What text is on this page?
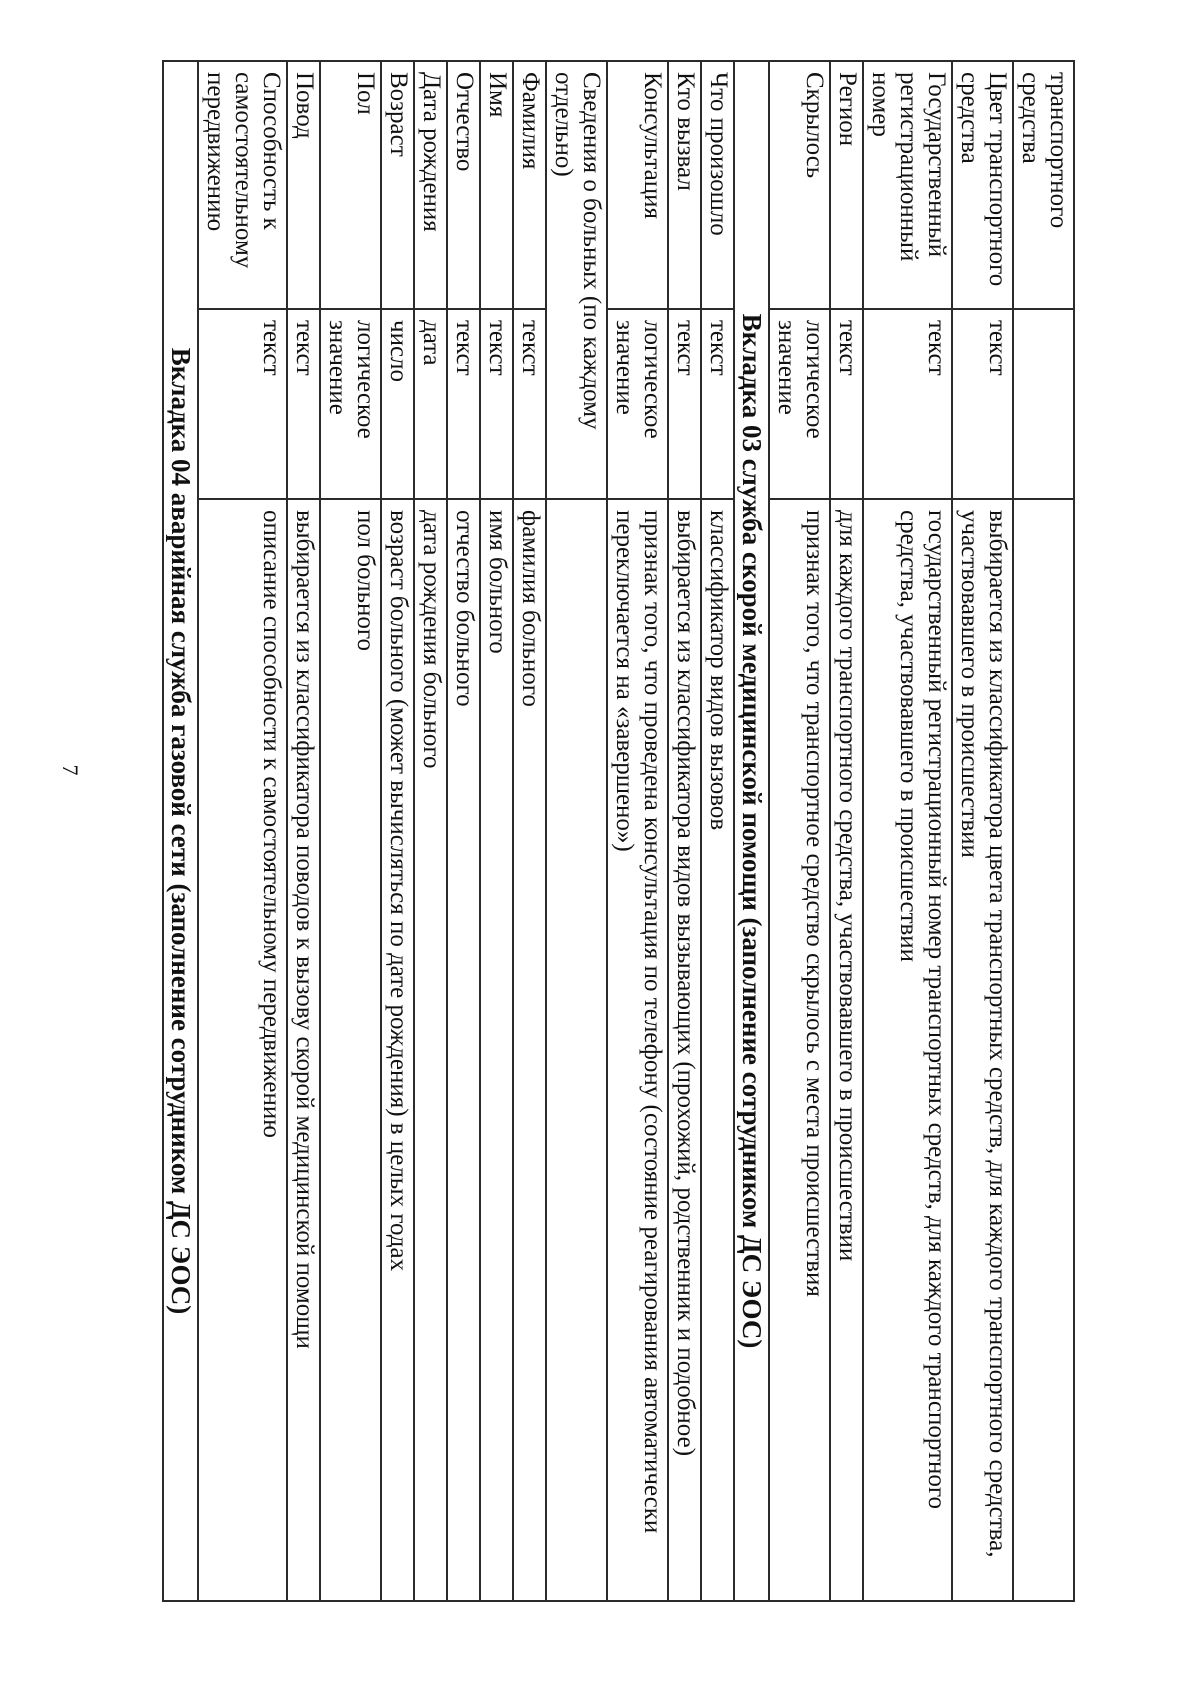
7
транспортного средства		
Цвет транспортного средства	текст	выбирается из классификатора цвета транспортных средств, для каждого транспортного средства, участвовавшего в происшествии
Государственный регистрационный номер	текст	государственный регистрационный номер транспортных средств, для каждого транспортного средства, участвовавшего в происшествии
Регион	текст	для каждого транспортного средства, участвовавшего в происшествии
Скрылось	логическое значение	признак того, что транспортное средство скрылось с места происшествия
Вкладка 03 служба скорой медицинской помощи (заполнение сотрудником ДС ЭОС)		
Что произошло	текст	классификатор видов вызовов
Кто вызвал	текст	выбирается из классификатора видов вызывающих (прохожий, родственник и подобное)
Консультация	логическое значение	признак того, что проведена консультация по телефону (состояние реагирования автоматически переключается на «завершено»)
Сведения о больных (по каждому отдельно)		
Фамилия	текст	фамилия больного
Имя	текст	имя больного
Отчество	текст	отчество больного
Дата рождения	дата	дата рождения больного
Возраст	число	возраст больного (может вычисляться по дате рождения) в целых годах
Пол	логическое значение	пол больного
Повод	текст	выбирается из классификатора поводов к вызову скорой медицинской помощи
Способность к самостоятельному передвижению	текст	описание способности к самостоятельному передвижению
Вкладка 04 аварийная служба газовой сети (заполнение сотрудником ДС ЭОС)		
